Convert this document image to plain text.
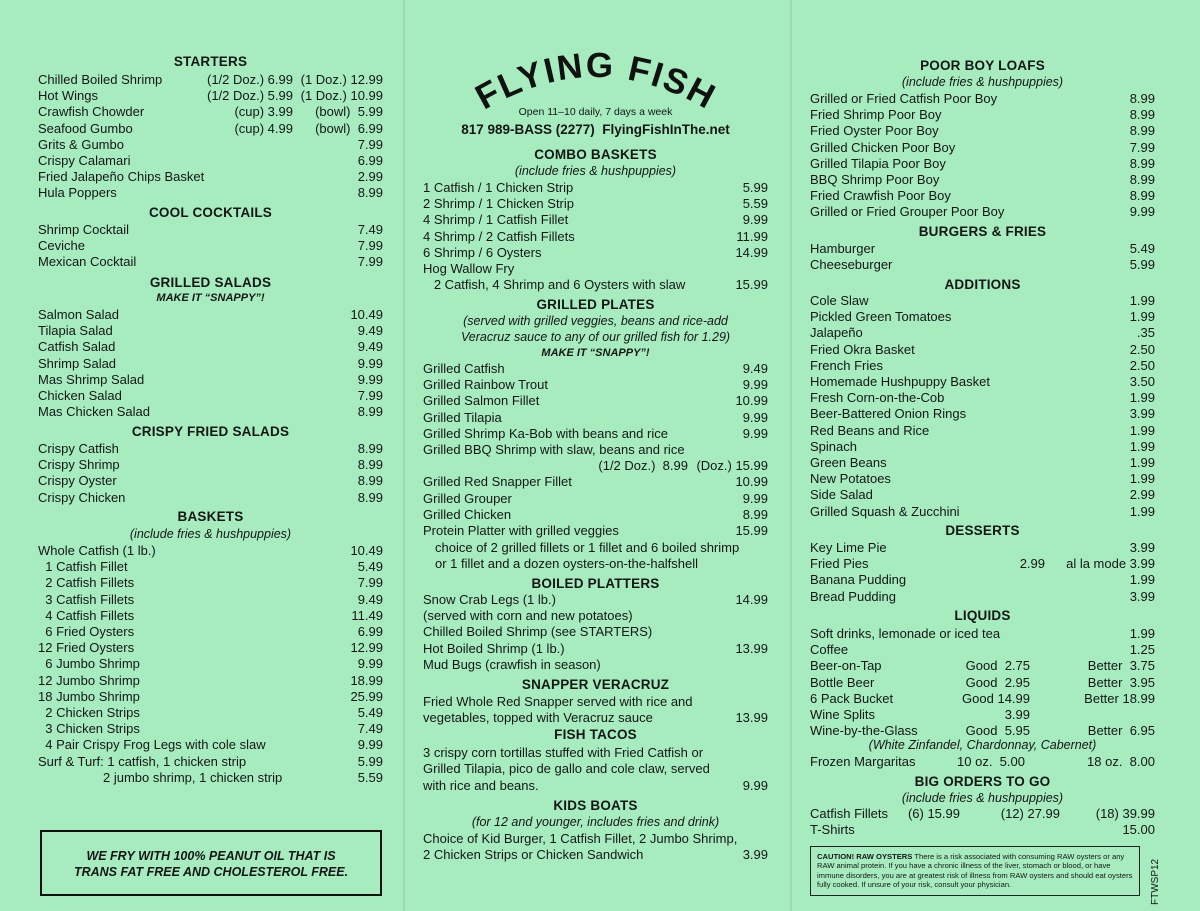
STARTERS
Chilled Boiled Shrimp	(1/2 Doz.) 6.99 (1 Doz.) 12.99
Hot Wings	(1/2 Doz.) 5.99 (1 Doz.) 10.99
Crawfish Chowder	(cup) 3.99 (bowl)  5.99
Seafood Gumbo	(cup) 4.99 (bowl)  6.99
Grits & Gumbo	7.99
Crispy Calamari	6.99
Fried Jalapeño Chips Basket	2.99
Hula Poppers	8.99
COOL COCKTAILS
Shrimp Cocktail	7.49
Ceviche	7.99
Mexican Cocktail	7.99
GRILLED SALADS
MAKE IT “SNAPPY”!
Salmon Salad	10.49
Tilapia Salad	9.49
Catfish Salad	9.49
Shrimp Salad	9.99
Mas Shrimp Salad	9.99
Chicken Salad	7.99
Mas Chicken Salad	8.99
CRISPY FRIED SALADS
Crispy Catfish	8.99
Crispy Shrimp	8.99
Crispy Oyster	8.99
Crispy Chicken	8.99
BASKETS
(include fries & hushpuppies)
Whole Catfish (1 lb.)	10.49
1 Catfish Fillet	5.49
2 Catfish Fillets	7.99
3 Catfish Fillets	9.49
4 Catfish Fillets	11.49
6 Fried Oysters	6.99
12 Fried Oysters	12.99
6 Jumbo Shrimp	9.99
12 Jumbo Shrimp	18.99
18 Jumbo Shrimp	25.99
2 Chicken Strips	5.49
3 Chicken Strips	7.49
4 Pair Crispy Frog Legs with cole slaw	9.99
Surf & Turf: 1 catfish, 1 chicken strip	5.99
2 jumbo shrimp, 1 chicken strip	5.59
WE FRY WITH 100% PEANUT OIL THAT IS
TRANS FAT FREE AND CHOLESTEROL FREE.
FLYING FISH
Open 11–10 daily, 7 days a week
817 989-BASS (2277) FlyingFishInThe.net
COMBO BASKETS
(include fries & hushpuppies)
1 Catfish / 1 Chicken Strip	5.99
2 Shrimp / 1 Chicken Strip	5.59
4 Shrimp / 1 Catfish Fillet	9.99
4 Shrimp / 2 Catfish Fillets	11.99
6 Shrimp / 6 Oysters	14.99
Hog Wallow Fry
2 Catfish, 4 Shrimp and 6 Oysters with slaw	15.99
GRILLED PLATES
(served with grilled veggies, beans and rice-add
Veracruz sauce to any of our grilled fish for 1.29)
MAKE IT “SNAPPY”!
Grilled Catfish	9.49
Grilled Rainbow Trout	9.99
Grilled Salmon Fillet	10.99
Grilled Tilapia	9.99
Grilled Shrimp Ka-Bob with beans and rice	9.99
Grilled BBQ Shrimp with slaw, beans and rice
(1/2 Doz.)  8.99 (Doz.) 15.99
Grilled Red Snapper Fillet	10.99
Grilled Grouper	9.99
Grilled Chicken	8.99
Protein Platter with grilled veggies	15.99
choice of 2 grilled fillets or 1 fillet and 6 boiled shrimp
or 1 fillet and a dozen oysters-on-the-halfshell
BOILED PLATTERS
Snow Crab Legs (1 lb.)	14.99
(served with corn and new potatoes)
Chilled Boiled Shrimp (see STARTERS)
Hot Boiled Shrimp (1 lb.)	13.99
Mud Bugs (crawfish in season)
SNAPPER VERACRUZ
Fried Whole Red Snapper served with rice and
vegetables, topped with Veracruz sauce	13.99
FISH TACOS
3 crispy corn tortillas stuffed with Fried Catfish or
Grilled Tilapia, pico de gallo and cole claw, served
with rice and beans.	9.99
KIDS BOATS
(for 12 and younger, includes fries and drink)
Choice of Kid Burger, 1 Catfish Fillet, 2 Jumbo Shrimp,
2 Chicken Strips or Chicken Sandwich	3.99
POOR BOY LOAFS
(include fries & hushpuppies)
Grilled or Fried Catfish Poor Boy	8.99
Fried Shrimp Poor Boy	8.99
Fried Oyster Poor Boy	8.99
Grilled Chicken Poor Boy	7.99
Grilled Tilapia Poor Boy	8.99
BBQ Shrimp Poor Boy	8.99
Fried Crawfish Poor Boy	8.99
Grilled or Fried Grouper Poor Boy	9.99
BURGERS & FRIES
Hamburger	5.49
Cheeseburger	5.99
ADDITIONS
Cole Slaw	1.99
Pickled Green Tomatoes	1.99
Jalapeño	.35
Fried Okra Basket	2.50
French Fries	2.50
Homemade Hushpuppy Basket	3.50
Fresh Corn-on-the-Cob	1.99
Beer-Battered Onion Rings	3.99
Red Beans and Rice	1.99
Spinach	1.99
Green Beans	1.99
New Potatoes	1.99
Side Salad	2.99
Grilled Squash & Zucchini	1.99
DESSERTS
Key Lime Pie	3.99
Fried Pies	2.99 al la mode 3.99
Banana Pudding	1.99
Bread Pudding	3.99
LIQUIDS
Soft drinks, lemonade or iced tea	1.99
Coffee	1.25
Beer-on-Tap	Good  2.75	Better  3.75
Bottle Beer	Good  2.95	Better  3.95
6 Pack Bucket	Good 14.99	Better 18.99
Wine Splits	3.99
Wine-by-the-Glass	Good  5.95	Better  6.95
(White Zinfandel, Chardonnay, Cabernet)
Frozen Margaritas	10 oz.  5.00	18 oz.  8.00
BIG ORDERS TO GO
(include fries & hushpuppies)
Catfish Fillets (6) 15.99	(12) 27.99	(18) 39.99
T-Shirts	15.00
CAUTION! RAW OYSTERS There is a risk associated with consuming RAW oysters or any RAW animal protein. If you have a chronic illness of the liver, stomach or blood, or have immune disorders, you are at greatest risk of illness from RAW oysters and should eat oysters fully cooked. If unsure of your risk, consult your physician.	FTWSP12
